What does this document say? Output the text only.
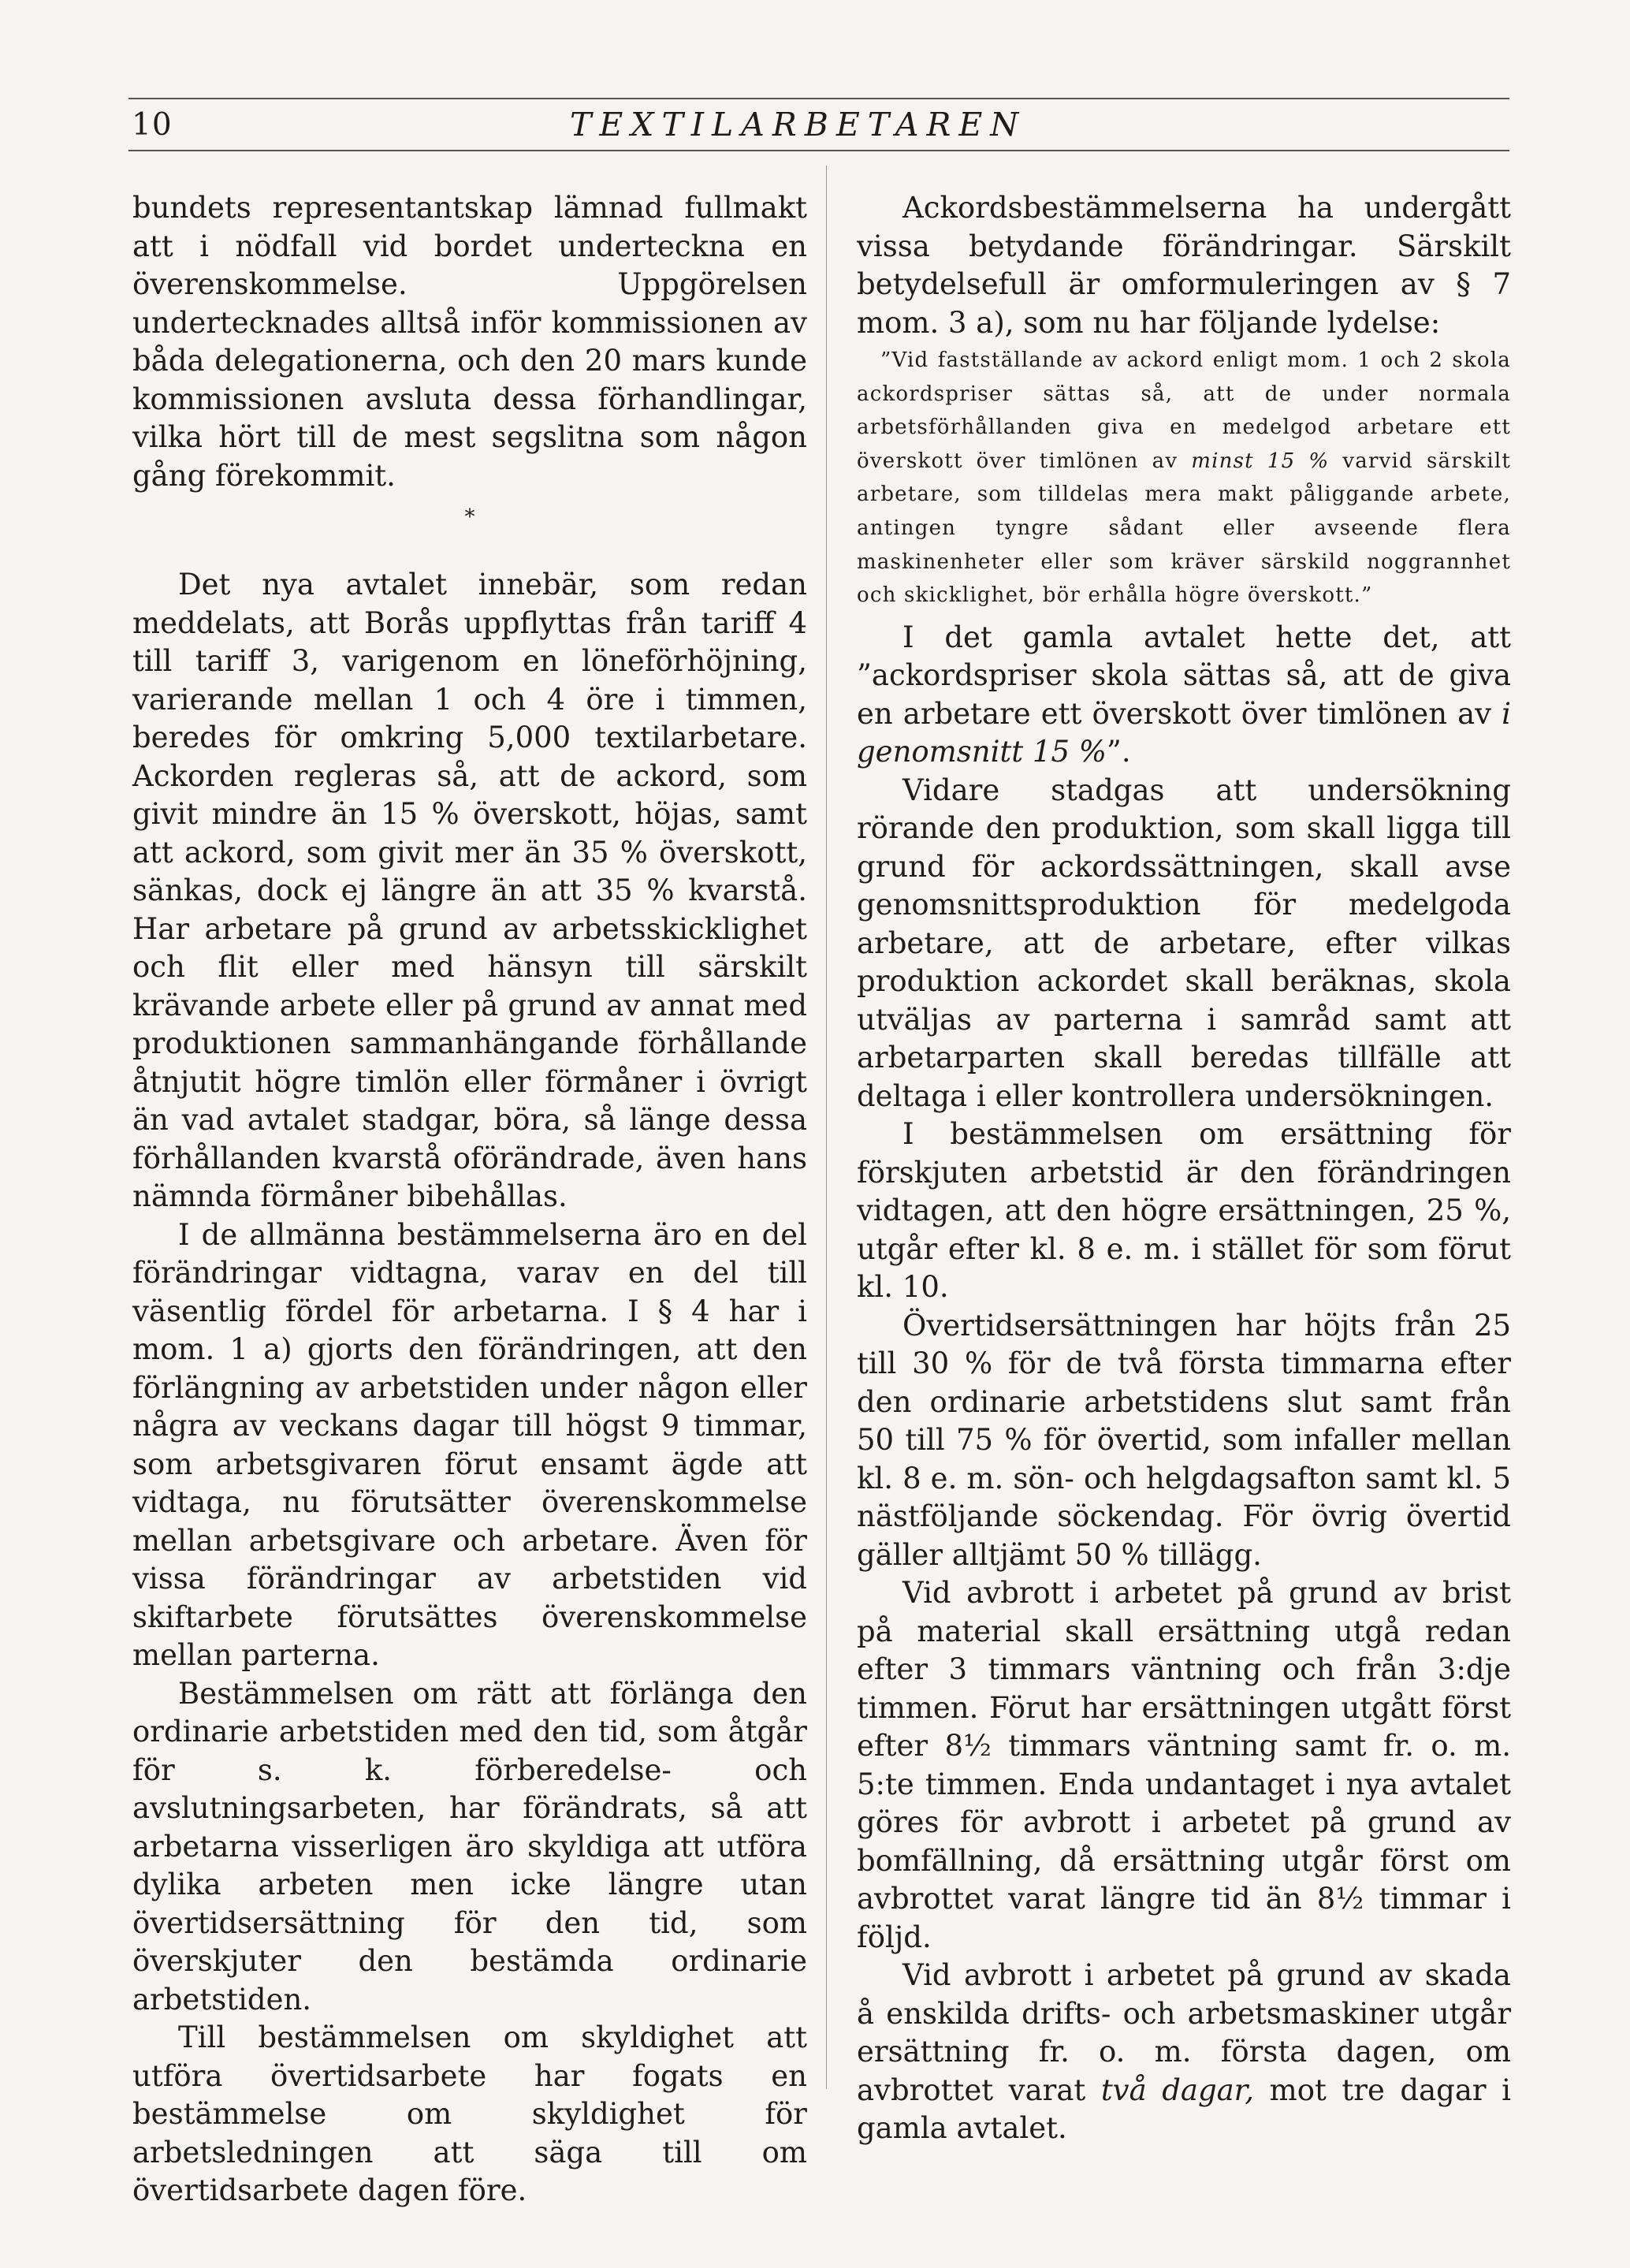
10	TEXTILARBETAREN

bundets representantskap lämnad fullmakt att i nödfall vid bordet underteckna en överenskommelse. Uppgörelsen undertecknades alltså inför kommissionen av båda delegationerna, och den 20 mars kunde kommissionen avsluta dessa förhandlingar, vilka hört till de mest segslitna som någon gång förekommit.

*

Det nya avtalet innebär, som redan meddelats, att Borås uppflyttas från tariff 4 till tariff 3, varigenom en löneförhöjning, varierande mellan 1 och 4 öre i timmen, beredes för omkring 5,000 textilarbetare. Ackorden regleras så, att de ackord, som givit mindre än 15 % överskott, höjas, samt att ackord, som givit mer än 35 % överskott, sänkas, dock ej längre än att 35 % kvarstå. Har arbetare på grund av arbetsskicklighet och flit eller med hänsyn till särskilt krävande arbete eller på grund av annat med produktionen sammanhängande förhållande åtnjutit högre timlön eller förmåner i övrigt än vad avtalet stadgar, böra, så länge dessa förhållanden kvarstå oförändrade, även hans nämnda förmåner bibehållas.

I de allmänna bestämmelserna äro en del förändringar vidtagna, varav en del till väsentlig fördel för arbetarna. I § 4 har i mom. 1 a) gjorts den förändringen, att den förlängning av arbetstiden under någon eller några av veckans dagar till högst 9 timmar, som arbetsgivaren förut ensamt ägde att vidtaga, nu förutsätter överenskommelse mellan arbetsgivare och arbetare. Även för vissa förändringar av arbetstiden vid skiftarbete förutsättes överenskommelse mellan parterna.

Bestämmelsen om rätt att förlänga den ordinarie arbetstiden med den tid, som åtgår för s. k. förberedelse- och avslutningsarbeten, har förändrats, så att arbetarna visserligen äro skyldiga att utföra dylika arbeten men icke längre utan övertidsersättning för den tid, som överskjuter den bestämda ordinarie arbetstiden.

Till bestämmelsen om skyldighet att utföra övertidsarbete har fogats en bestämmelse om skyldighet för arbetsledningen att säga till om övertidsarbete dagen före.

Ackordsbestämmelserna ha undergått vissa betydande förändringar. Särskilt betydelsefull är omformuleringen av § 7 mom. 3 a), som nu har följande lydelse:

”Vid fastställande av ackord enligt mom. 1 och 2 skola ackordspriser sättas så, att de under normala arbetsförhållanden giva en medelgod arbetare ett överskott över timlönen av minst 15 % varvid särskilt arbetare, som tilldelas mera makt påliggande arbete, antingen tyngre sådant eller avseende flera maskinenheter eller som kräver särskild noggrannhet och skicklighet, bör erhålla högre överskott.”

I det gamla avtalet hette det, att ”ackordspriser skola sättas så, att de giva en arbetare ett överskott över timlönen av i genomsnitt 15 %”.

Vidare stadgas att undersökning rörande den produktion, som skall ligga till grund för ackordssättningen, skall avse genomsnittsproduktion för medelgoda arbetare, att de arbetare, efter vilkas produktion ackordet skall beräknas, skola utväljas av parterna i samråd samt att arbetarparten skall beredas tillfälle att deltaga i eller kontrollera undersökningen.

I bestämmelsen om ersättning för förskjuten arbetstid är den förändringen vidtagen, att den högre ersättningen, 25 %, utgår efter kl. 8 e. m. i stället för som förut kl. 10.

Övertidsersättningen har höjts från 25 till 30 % för de två första timmarna efter den ordinarie arbetstidens slut samt från 50 till 75 % för övertid, som infaller mellan kl. 8 e. m. sön- och helgdagsafton samt kl. 5 nästföljande söckendag. För övrig övertid gäller alltjämt 50 % tillägg.

Vid avbrott i arbetet på grund av brist på material skall ersättning utgå redan efter 3 timmars väntning och från 3:dje timmen. Förut har ersättningen utgått först efter 8½ timmars väntning samt fr. o. m. 5:te timmen. Enda undantaget i nya avtalet göres för avbrott i arbetet på grund av bomfällning, då ersättning utgår först om avbrottet varat längre tid än 8½ timmar i följd.

Vid avbrott i arbetet på grund av skada å enskilda drifts- och arbetsmaskiner utgår ersättning fr. o. m. första dagen, om avbrottet varat två dagar, mot tre dagar i gamla avtalet.
